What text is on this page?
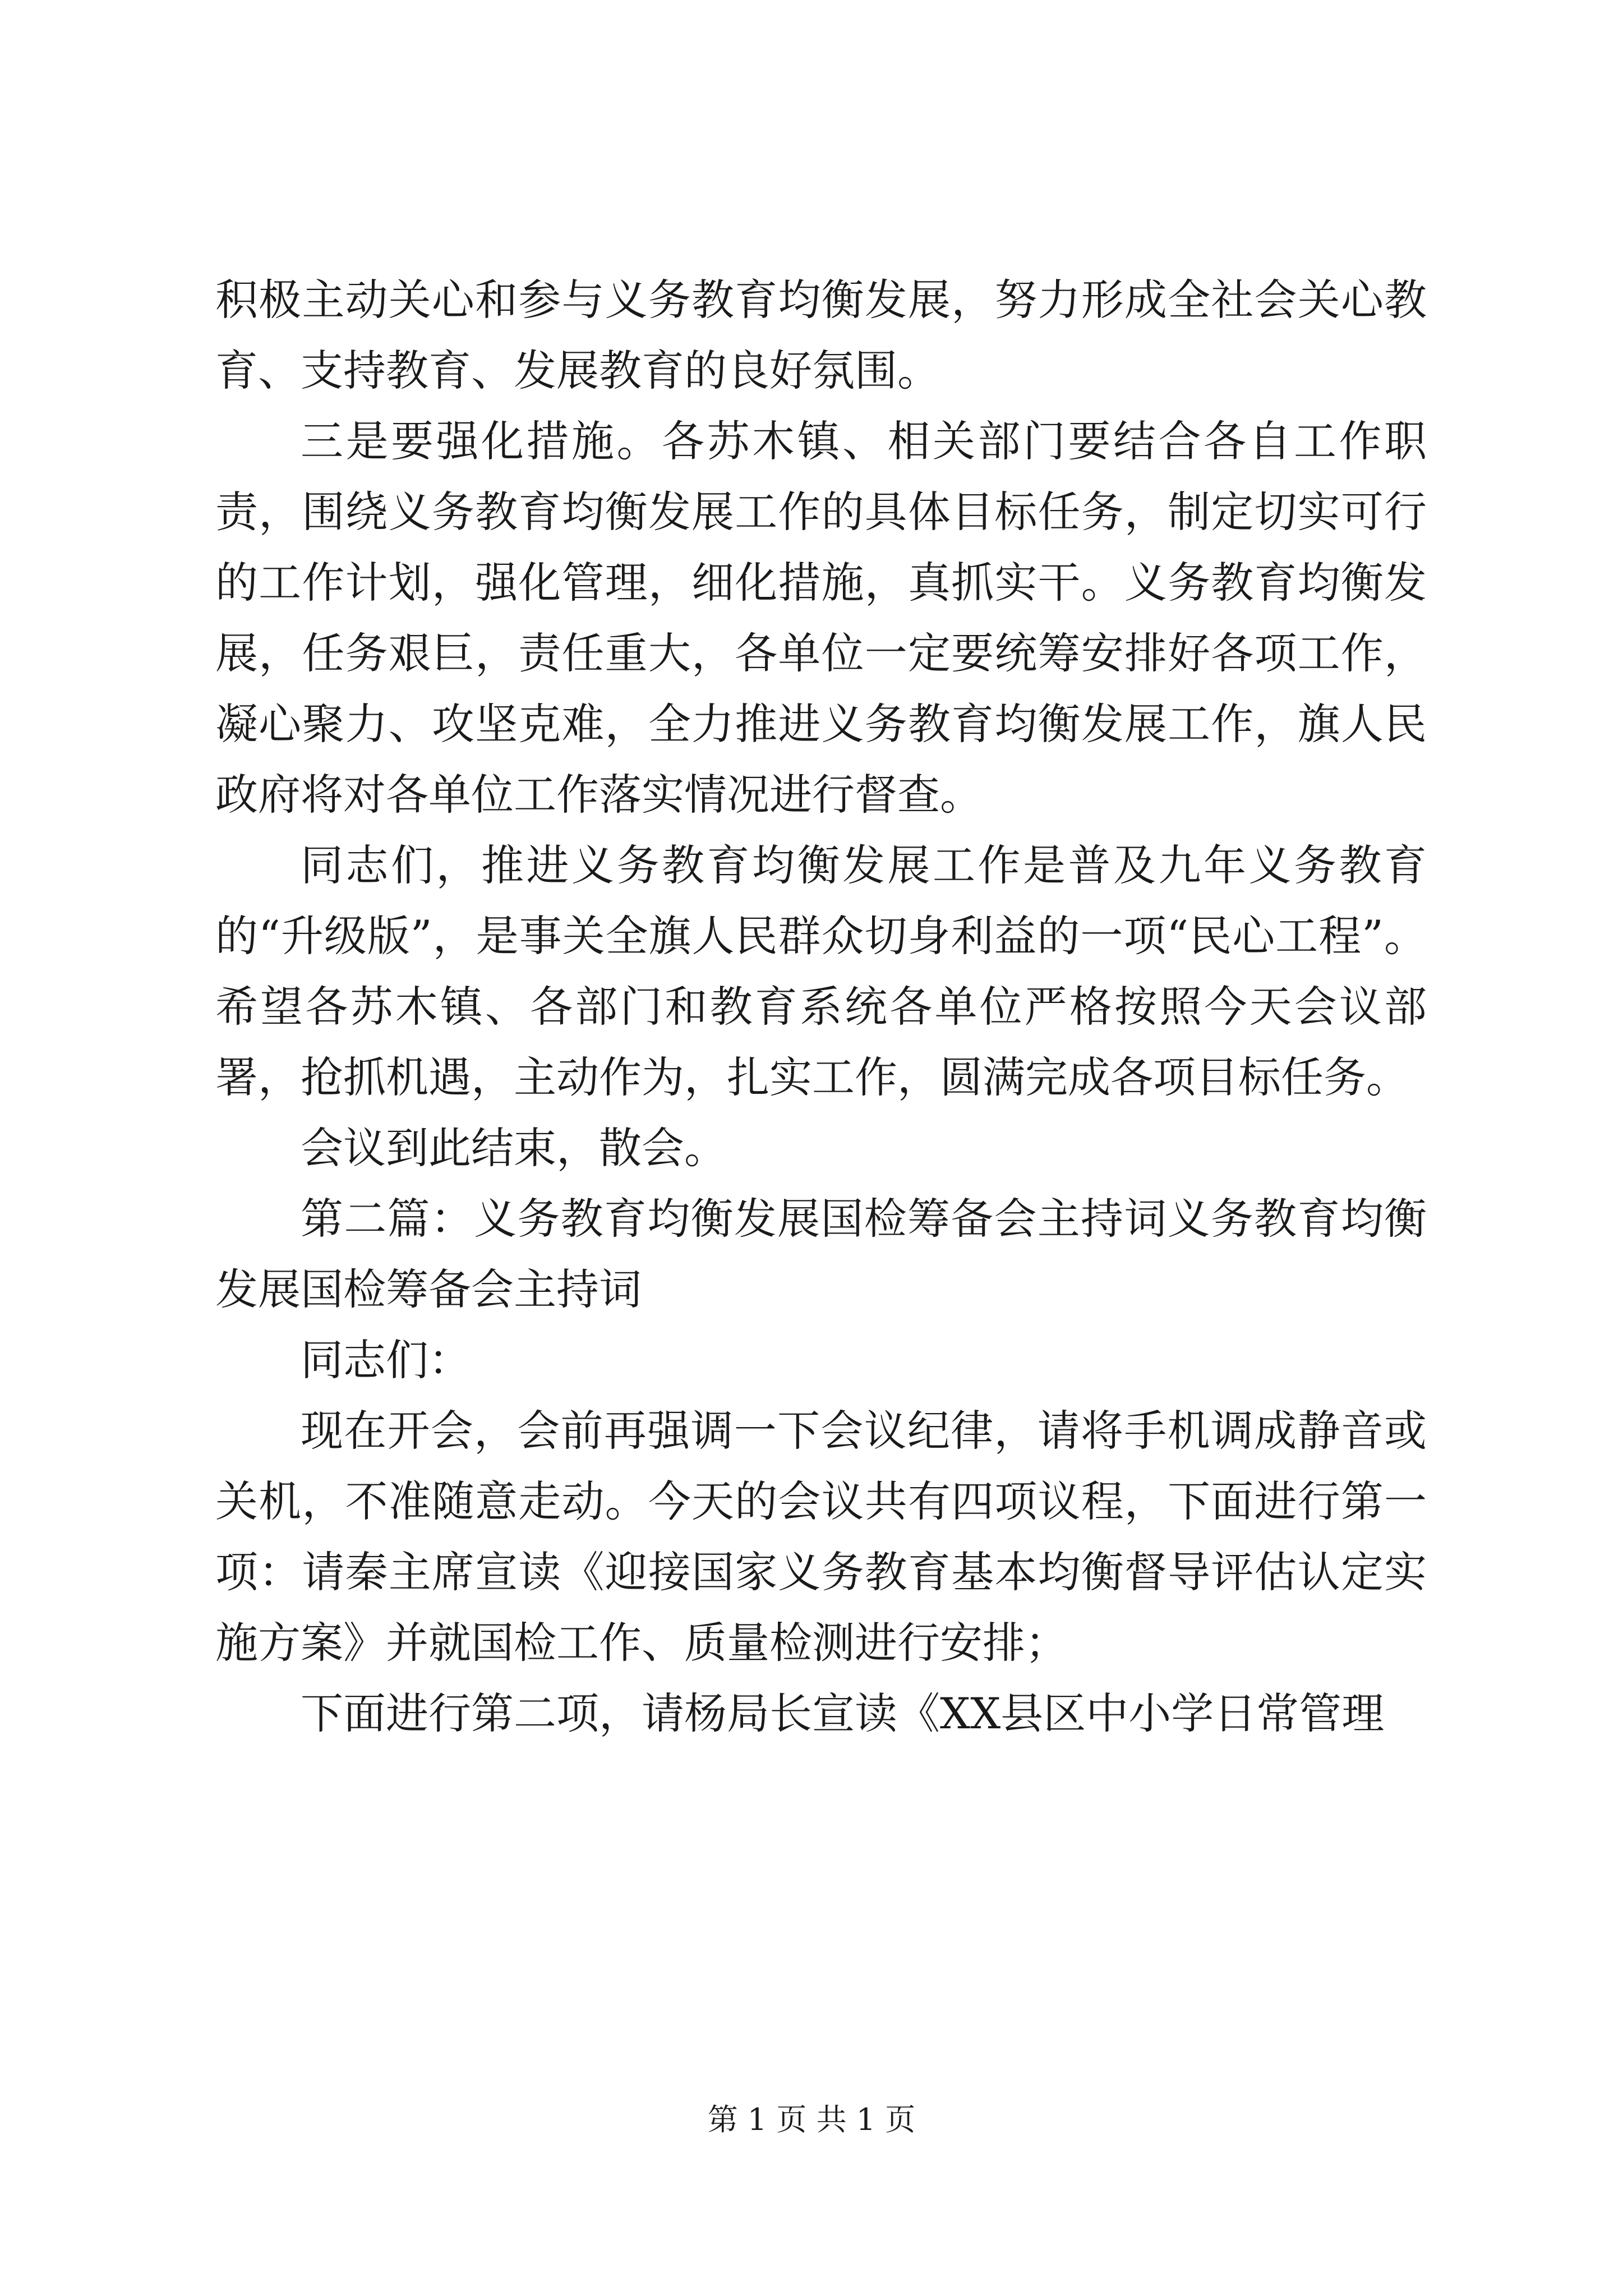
积极主动关心和参与义务教育均衡发展，努力形成全社会关心教育、支持教育、发展教育的良好氛围。

三是要强化措施。各苏木镇、相关部门要结合各自工作职责，围绕义务教育均衡发展工作的具体目标任务，制定切实可行的工作计划，强化管理，细化措施，真抓实干。义务教育均衡发展，任务艰巨，责任重大，各单位一定要统筹安排好各项工作，凝心聚力、攻坚克难，全力推进义务教育均衡发展工作，旗人民政府将对各单位工作落实情况进行督查。

同志们，推进义务教育均衡发展工作是普及九年义务教育的“升级版”，是事关全旗人民群众切身利益的一项“民心工程”。希望各苏木镇、各部门和教育系统各单位严格按照今天会议部署，抢抓机遇，主动作为，扎实工作，圆满完成各项目标任务。

会议到此结束，散会。

第二篇：义务教育均衡发展国检筹备会主持词义务教育均衡发展国检筹备会主持词

同志们：

现在开会，会前再强调一下会议纪律，请将手机调成静音或关机，不准随意走动。今天的会议共有四项议程，下面进行第一项：请秦主席宣读《迎接国家义务教育基本均衡督导评估认定实施方案》并就国检工作、质量检测进行安排；

下面进行第二项，请杨局长宣读《XX县区中小学日常管理

第 1 页 共 1 页
